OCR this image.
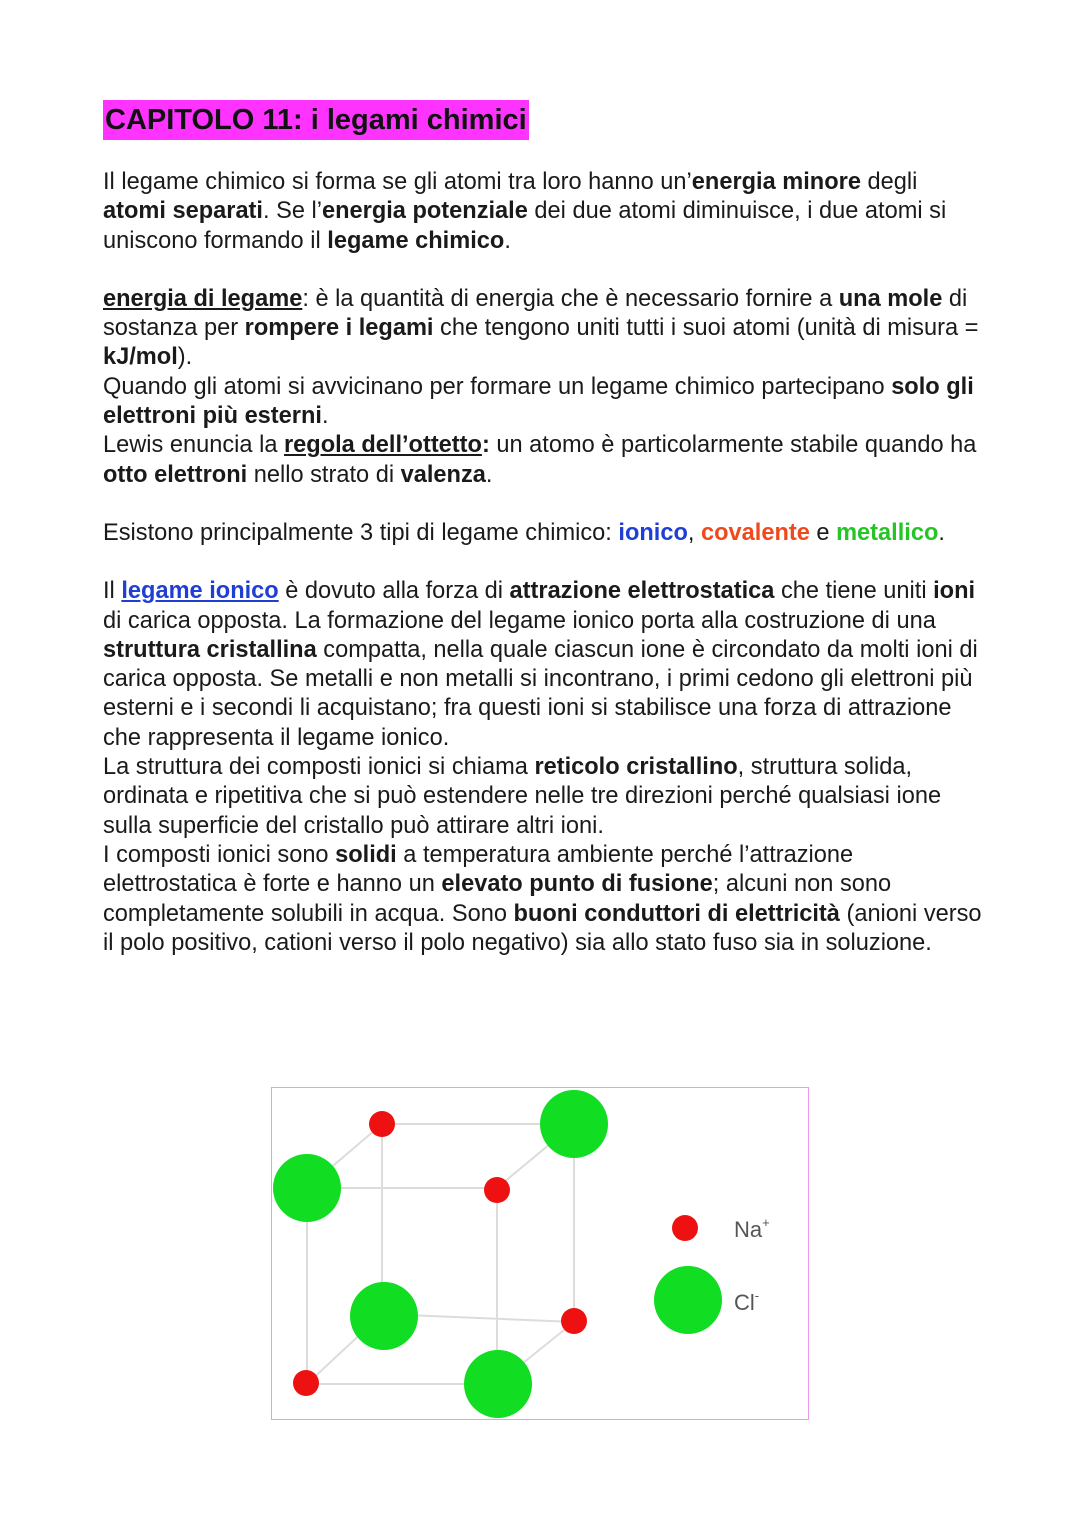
CAPITOLO 11: i legami chimici

Il legame chimico si forma se gli atomi tra loro hanno un’energia minore degli atomi separati. Se l’energia potenziale dei due atomi diminuisce, i due atomi si uniscono formando il legame chimico.

energia di legame: è la quantità di energia che è necessario fornire a una mole di sostanza per rompere i legami che tengono uniti tutti i suoi atomi (unità di misura = kJ/mol).

Quando gli atomi si avvicinano per formare un legame chimico partecipano solo gli elettroni più esterni.

Lewis enuncia la regola dell’ottetto: un atomo è particolarmente stabile quando ha otto elettroni nello strato di valenza.

Esistono principalmente 3 tipi di legame chimico: ionico, covalente e metallico.

Il legame ionico è dovuto alla forza di attrazione elettrostatica che tiene uniti ioni di carica opposta. La formazione del legame ionico porta alla costruzione di una struttura cristallina compatta, nella quale ciascun ione è circondato da molti ioni di carica opposta. Se metalli e non metalli si incontrano, i primi cedono gli elettroni più esterni e i secondi li acquistano; fra questi ioni si stabilisce una forza di attrazione che rappresenta il legame ionico.

La struttura dei composti ionici si chiama reticolo cristallino, struttura solida, ordinata e ripetitiva che si può estendere nelle tre direzioni perché qualsiasi ione sulla superficie del cristallo può attirare altri ioni.

I composti ionici sono solidi a temperatura ambiente perché l’attrazione elettrostatica è forte e hanno un elevato punto di fusione; alcuni non sono completamente solubili in acqua. Sono buoni conduttori di elettricità (anioni verso il polo positivo, cationi verso il polo negativo) sia allo stato fuso sia in soluzione.

Na+
Cl-
